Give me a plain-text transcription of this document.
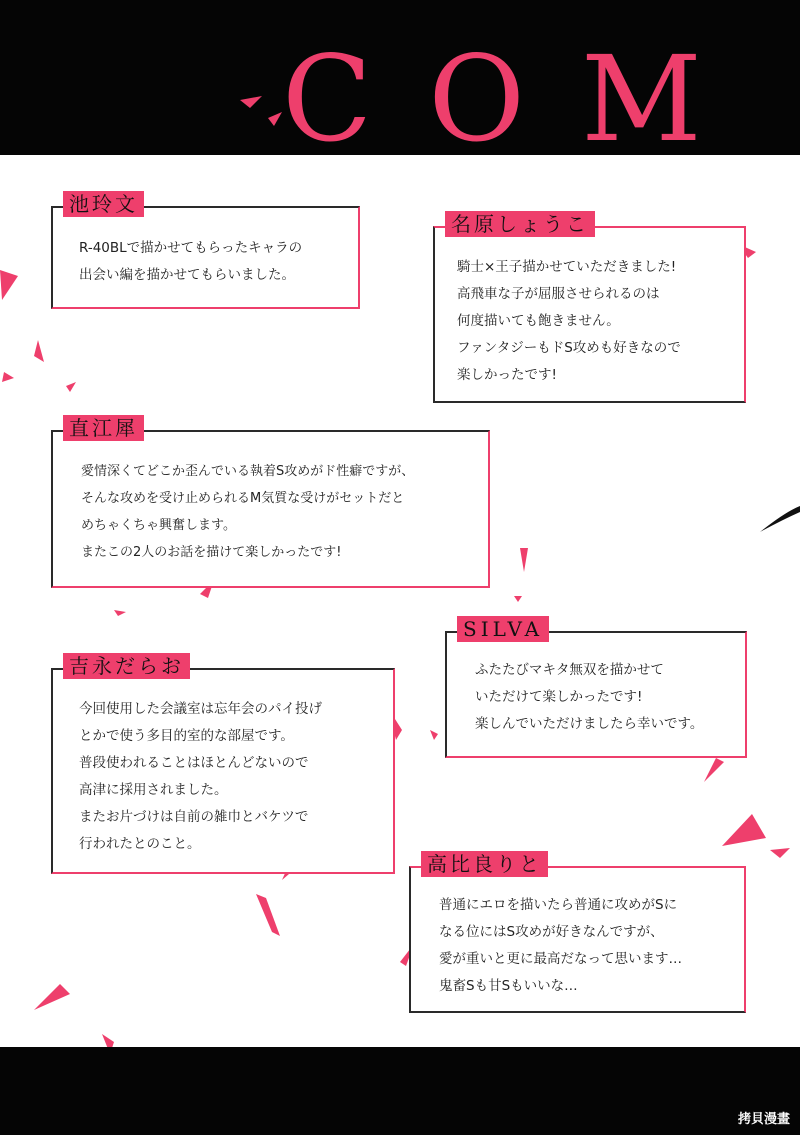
COM
池玲文

R-40BLで描かせてもらったキャラの
出会い編を描かせてもらいました。

名原しょうこ

騎士×王子描かせていただきました!
高飛車な子が屈服させられるのは
何度描いても飽きません。
ファンタジーもドS攻めも好きなので
楽しかったです!

直江犀

愛情深くてどこか歪んでいる執着S攻めがド性癖ですが、
そんな攻めを受け止められるM気質な受けがセットだと
めちゃくちゃ興奮します。
またこの2人のお話を描けて楽しかったです!

SILVA

ふたたびマキタ無双を描かせて
いただけて楽しかったです!
楽しんでいただけましたら幸いです。

吉永だらお

今回使用した会議室は忘年会のパイ投げ
とかで使う多目的室的な部屋です。
普段使われることはほとんどないので
高津に採用されました。
またお片づけは自前の雑巾とバケツで
行われたとのこと。

高比良りと

普通にエロを描いたら普通に攻めがSに
なる位にはS攻めが好きなんですが、
愛が重いと更に最高だなって思います…
鬼畜Sも甘Sもいいな…

拷貝漫畫
